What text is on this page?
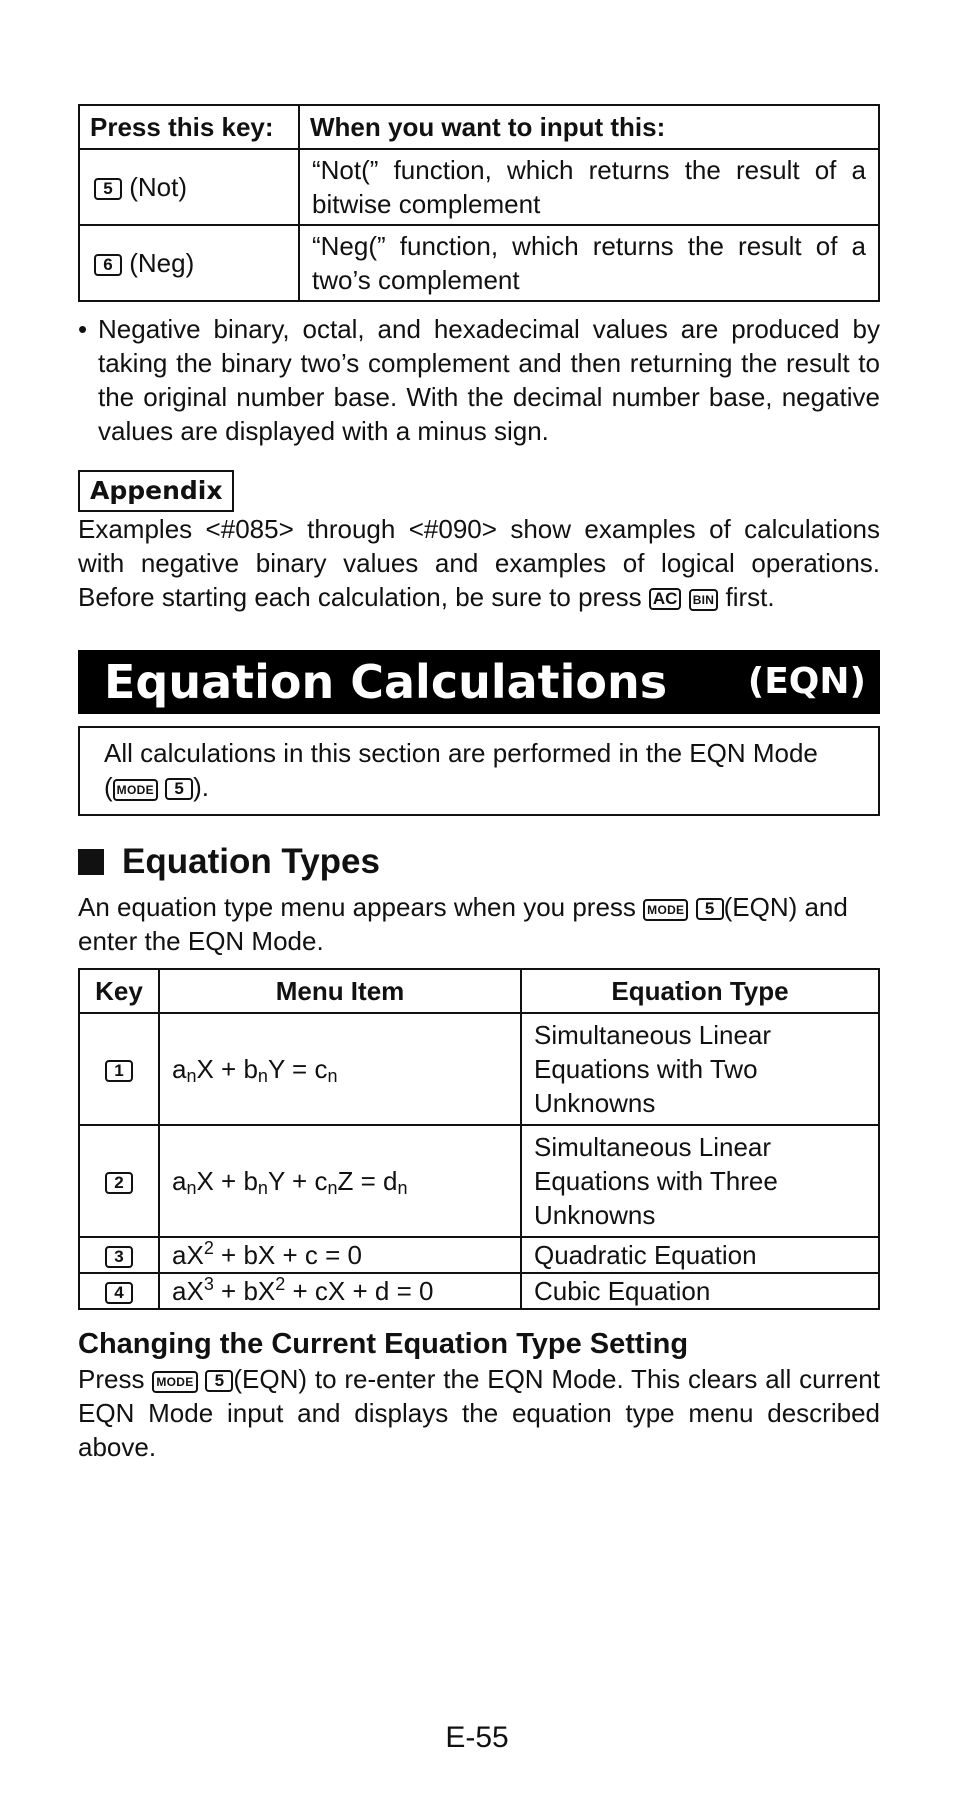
Press this key:	When you want to input this:
5 (Not)	“Not(” function, which returns the result of a bitwise complement
6 (Neg)	“Neg(” function, which returns the result of a two’s complement
• Negative binary, octal, and hexadecimal values are produced by taking the binary two’s complement and then returning the result to the original number base. With the decimal number base, negative values are displayed with a minus sign.
Appendix
Examples <#085> through <#090> show examples of calculations with negative binary values and examples of logical operations. Before starting each calculation, be sure to press AC BIN first.
Equation Calculations (EQN)
All calculations in this section are performed in the EQN Mode
( MODE 5 ).
Equation Types
An equation type menu appears when you press MODE 5 (EQN) and enter the EQN Mode.
Key	Menu Item	Equation Type
1	$a_nX + b_nY = c_n$	Simultaneous Linear Equations with Two Unknowns
2	$a_nX + b_nY + c_nZ = d_n$	Simultaneous Linear Equations with Three Unknowns
3	$aX^2$ + bX + c = 0	Quadratic Equation
4	$aX^3 + bX^2$ + cX + d = 0	Cubic Equation
Changing the Current Equation Type Setting
Press MODE 5 (EQN) to re-enter the EQN Mode. This clears all current EQN Mode input and displays the equation type menu described above.
E-55
